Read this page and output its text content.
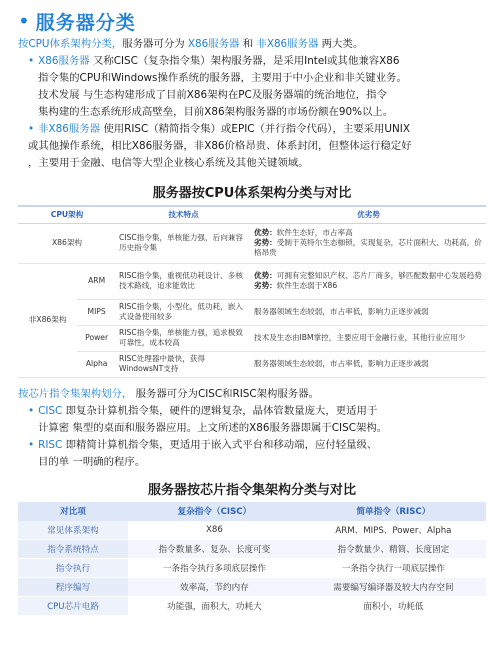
• 服务器分类

按CPU体系架构分类，服务器可分为 X86服务器 和 非X86服务器 两大类。

• X86服务器 又称CISC（复杂指令集）架构服务器，是采用Intel或其他兼容X86

指令集的CPU和Windows操作系统的服务器，主要用于中小企业和非关键业务。

技术发展 与生态构建形成了目前X86架构在PC及服务器端的统治地位，指令

集构建的生态系统形成高壁垒，目前X86架构服务器的市场份额在90%以上。

• 非X86服务器 使用RISC（精简指令集）或EPIC（并行指令代码），主要采用UNIX

或其他操作系统，相比X86服务器，非X86价格昂贵、体系封闭，但整体运行稳定好

，主要用于金融、电信等大型企业核心系统及其他关键领域。

服务器按CPU体系架构分类与对比
CPU架构		技术特点	优劣势
X86架构		CISC指令集，单核能力强，后向兼容历史指令集	优势：软件生态好，市占率高
劣势：受制于英特尔生态枷锁，实现复杂，芯片面积大、功耗高，价格昂贵
非X86架构	ARM	RISC指令集，重视低功耗设计、多核技术路线，追求能效比	优势：可拥有完整知识产权、芯片厂商多，够匹配数据中心发展趋势
劣势：软件生态弱于X86
	MIPS	RISC指令集，小型化，低功耗，嵌入式设备使用较多	服务器领域生态较弱，市占率低，影响力正逐步减弱
	Power	RISC指令集，单核能力强，追求极致可靠性，成本较高	技术及生态由IBM掌控，主要应用于金融行业，其他行业应用少
	Alpha	RISC处理器中最快，获得WindowsNT支持	服务器领域生态较弱，市占率低，影响力正逐步减弱

按芯片指令集架构划分， 服务器可分为CISC和RISC架构服务器。

• CISC 即复杂计算机指令集，硬件的逻辑复杂，晶体管数量庞大，更适用于

计算密 集型的桌面和服务器应用。上文所述的X86服务器即属于CISC架构。

• RISC 即精简计算机指令集，更适用于嵌入式平台和移动端，应付轻量级、

目的单 一明确的程序。

服务器按芯片指令集架构分类与对比
对比项	复杂指令（CISC）	简单指令（RISC）
常见体系架构	X86	ARM、MIPS、Power、Alpha
指令系统特点	指令数量多、复杂、长度可变	指令数量少、精简、长度固定
指令执行	一条指令执行多项底层操作	一条指令执行一项底层操作
程序编写	效率高，节约内存	需要编写编译器及较大内存空间
CPU芯片电路	功能强，面积大，功耗大	面积小，功耗低
